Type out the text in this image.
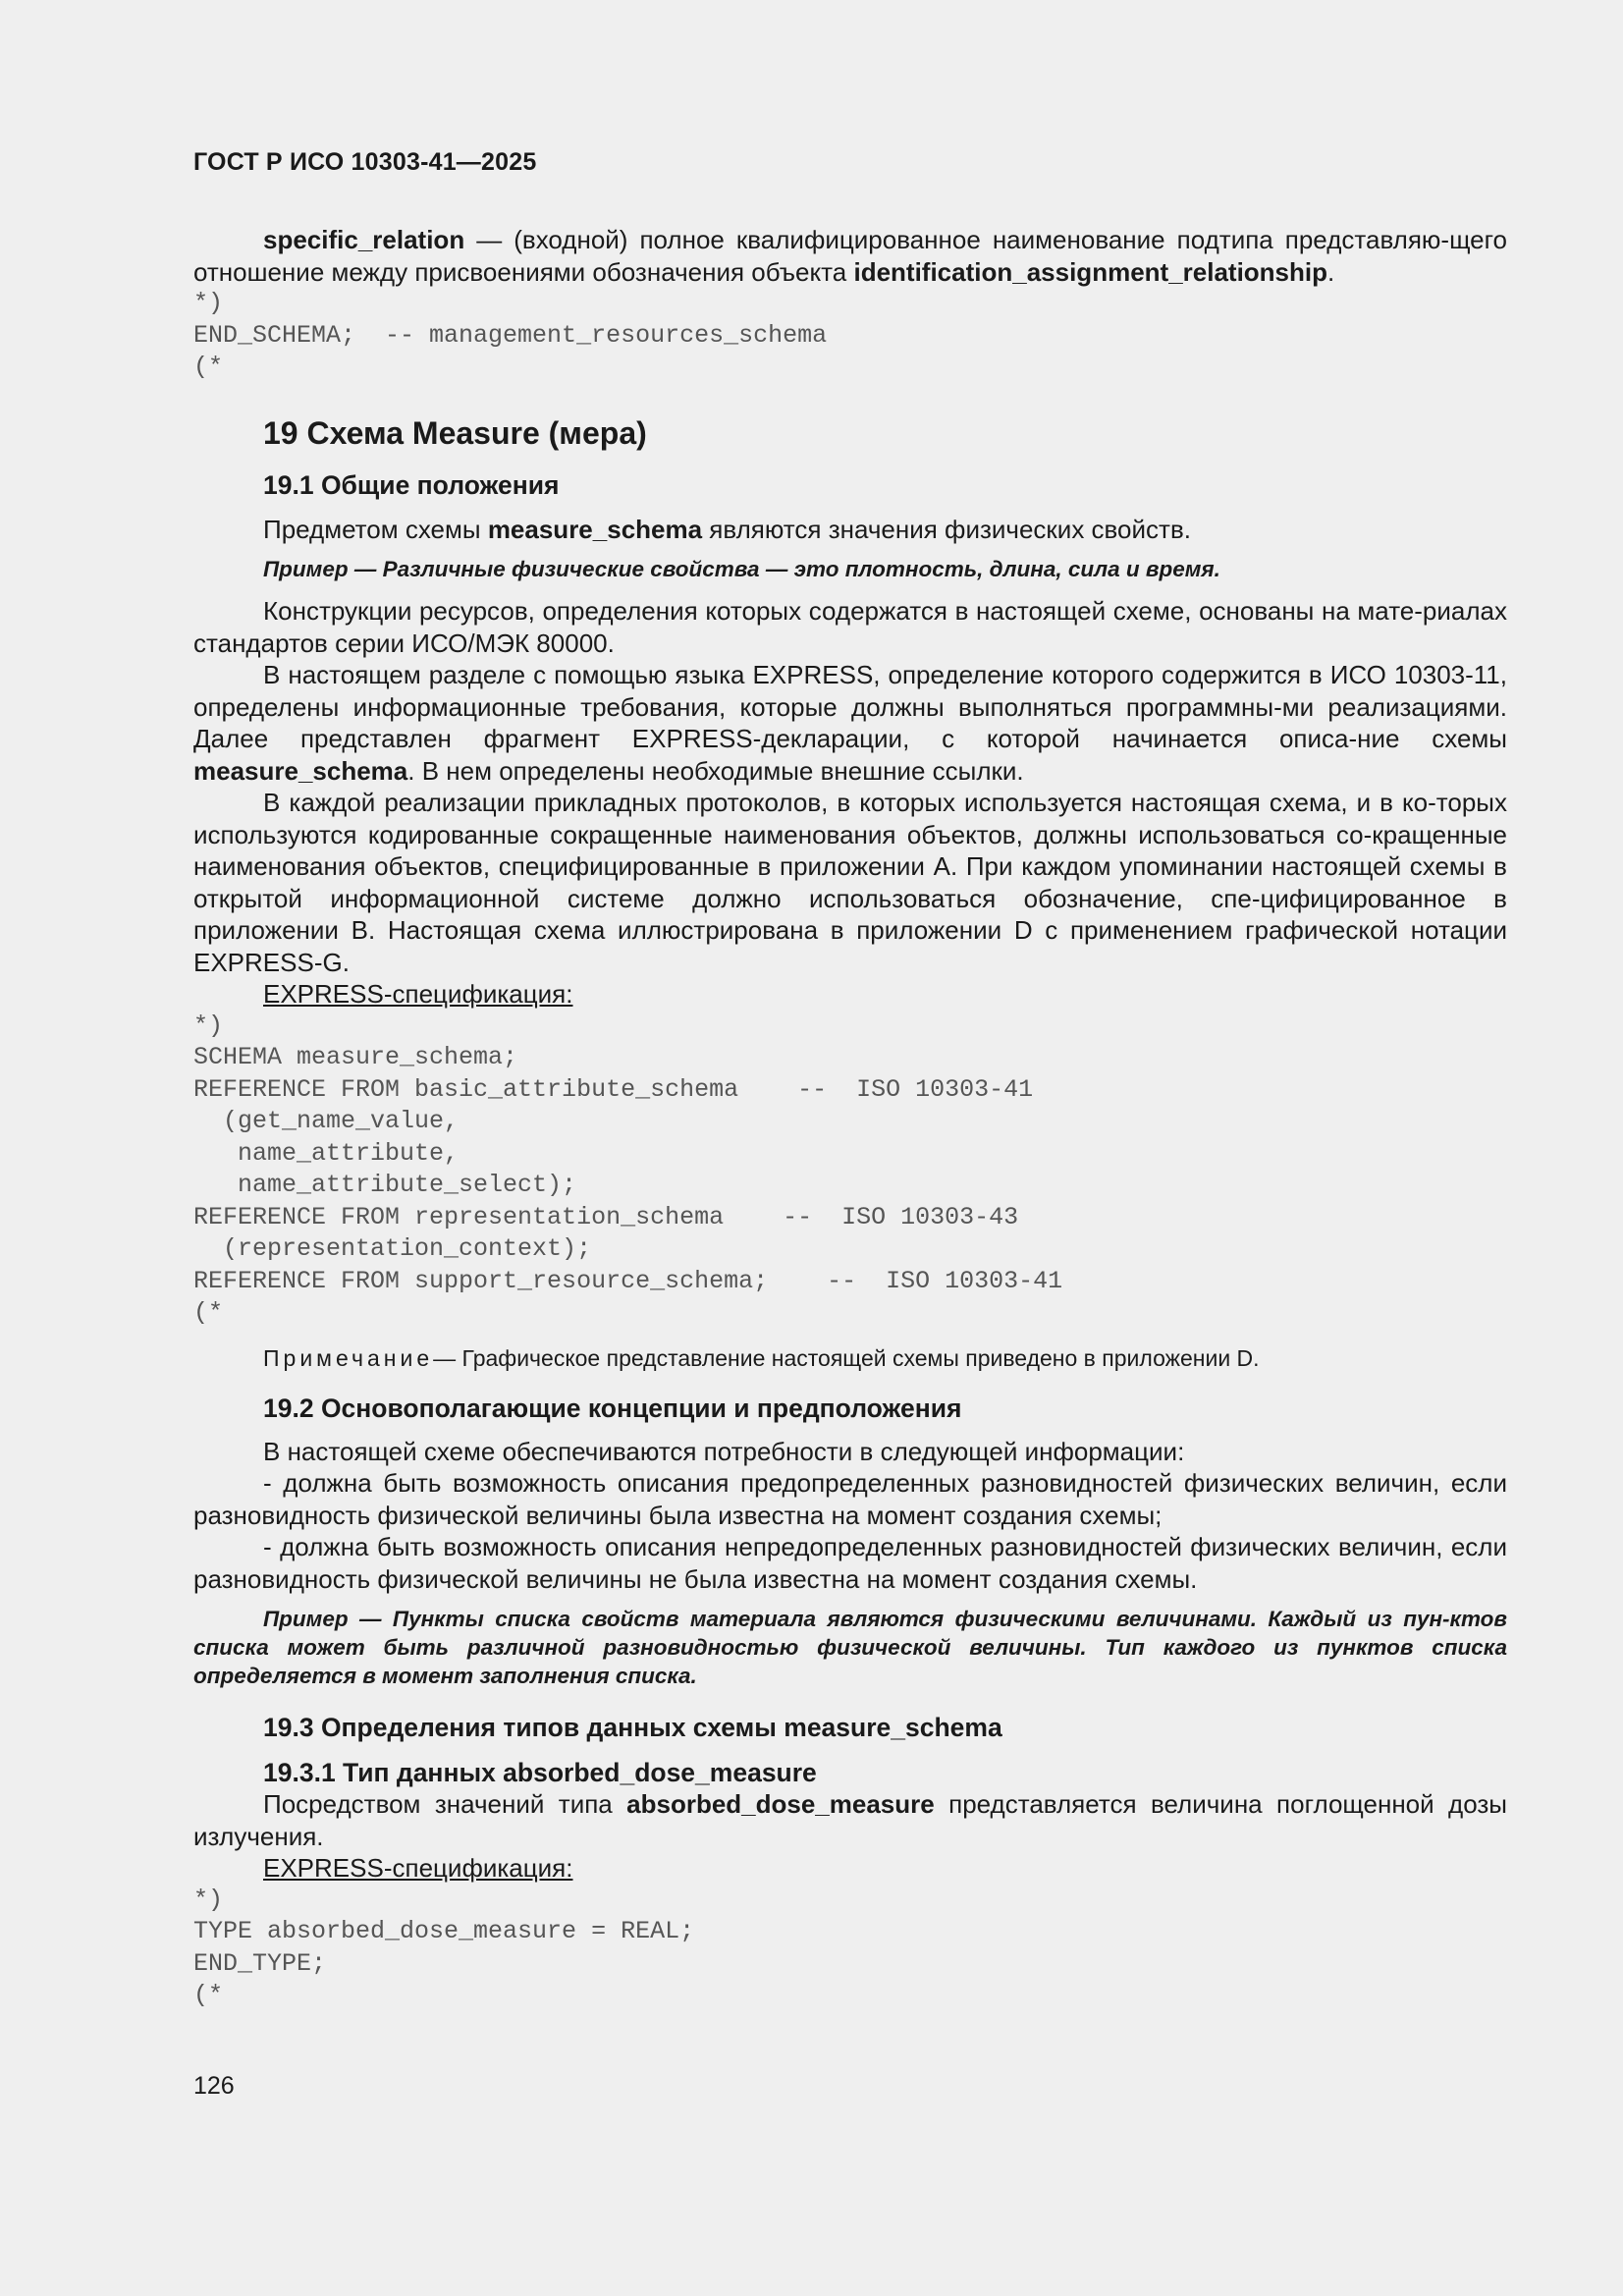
ГОСТ Р ИСО 10303-41—2025

specific_relation — (входной) полное квалифицированное наименование подтипа представляю-щего отношение между присвоениями обозначения объекта identification_assignment_relationship.

*)
END_SCHEMA;  -- management_resources_schema
(*
19 Схема Measure (мера)
19.1 Общие положения

Предметом схемы measure_schema являются значения физических свойств.

Пример — Различные физические свойства — это плотность, длина, сила и время.

Конструкции ресурсов, определения которых содержатся в настоящей схеме, основаны на мате-риалах стандартов серии ИСО/МЭК 80000.

В настоящем разделе с помощью языка EXPRESS, определение которого содержится в ИСО 10303-11, определены информационные требования, которые должны выполняться программны-ми реализациями. Далее представлен фрагмент EXPRESS-декларации, с которой начинается описа-ние схемы measure_schema. В нем определены необходимые внешние ссылки.

В каждой реализации прикладных протоколов, в которых используется настоящая схема, и в ко-торых используются кодированные сокращенные наименования объектов, должны использоваться со-кращенные наименования объектов, специфицированные в приложении А. При каждом упоминании настоящей схемы в открытой информационной системе должно использоваться обозначение, спе-цифицированное в приложении В. Настоящая схема иллюстрирована в приложении D с применением графической нотации EXPRESS-G.

EXPRESS-спецификация:

*)
SCHEMA measure_schema;
REFERENCE FROM basic_attribute_schema    --  ISO 10303-41
(get_name_value,
name_attribute,
name_attribute_select);
REFERENCE FROM representation_schema    --  ISO 10303-43
(representation_context);
REFERENCE FROM support_resource_schema;    --  ISO 10303-41
(*
Примечание— Графическое представление настоящей схемы приведено в приложении D.
19.2 Основополагающие концепции и предположения

В настоящей схеме обеспечиваются потребности в следующей информации:

- должна быть возможность описания предопределенных разновидностей физических величин, если разновидность физической величины была известна на момент создания схемы;

- должна быть возможность описания непредопределенных разновидностей физических величин, если разновидность физической величины не была известна на момент создания схемы.

Пример — Пункты списка свойств материала являются физическими величинами. Каждый из пун-ктов списка может быть различной разновидностью физической величины. Тип каждого из пунктов списка определяется в момент заполнения списка.

19.3 Определения типов данных схемы measure_schema
19.3.1 Тип данных absorbed_dose_measure

Посредством значений типа absorbed_dose_measure представляется величина поглощенной дозы излучения.

EXPRESS-спецификация:

*)
TYPE absorbed_dose_measure = REAL;
END_TYPE;
(*
126
